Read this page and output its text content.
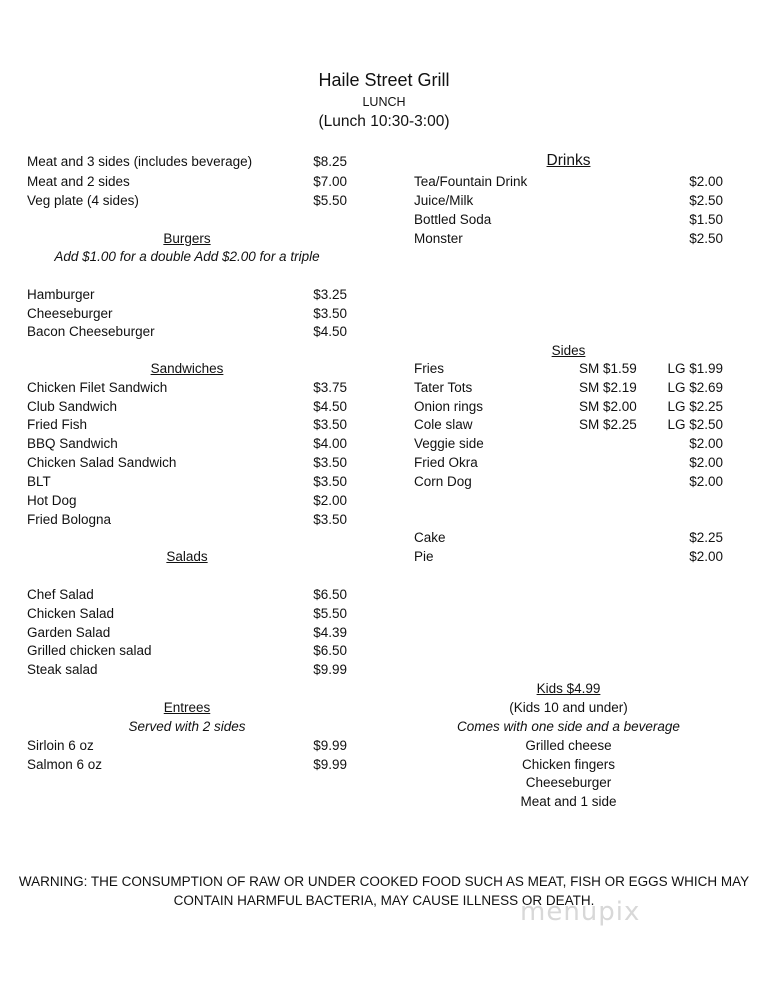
Haile Street Grill
LUNCH
(Lunch 10:30-3:00)
Meat and 3 sides (includes beverage)	$8.25
Meat and 2 sides	$7.00
Veg plate (4 sides)	$5.50
Burgers
Add $1.00 for a double Add $2.00 for a triple
Hamburger	$3.25
Cheeseburger	$3.50
Bacon Cheeseburger	$4.50
Sandwiches
Chicken Filet Sandwich	$3.75
Club Sandwich	$4.50
Fried Fish	$3.50
BBQ Sandwich	$4.00
Chicken Salad Sandwich	$3.50
BLT	$3.50
Hot Dog	$2.00
Fried Bologna	$3.50
Salads
Chef Salad	$6.50
Chicken Salad	$5.50
Garden Salad	$4.39
Grilled chicken salad	$6.50
Steak salad	$9.99
Entrees
Served with 2 sides
Sirloin 6 oz	$9.99
Salmon 6 oz	$9.99
Drinks
Tea/Fountain Drink	$2.00
Juice/Milk	$2.50
Bottled Soda	$1.50
Monster	$2.50
Sides
Fries	SM $1.59 LG $1.99
Tater Tots	SM $2.19 LG $2.69
Onion rings	SM $2.00 LG $2.25
Cole slaw	SM $2.25 LG $2.50
Veggie side	$2.00
Fried Okra	$2.00
Corn Dog	$2.00
Cake	$2.25
Pie	$2.00
Kids $4.99
(Kids 10 and under)
Comes with one side and a beverage
Grilled cheese
Chicken fingers
Cheeseburger
Meat and 1 side
WARNING: THE CONSUMPTION OF RAW OR UNDER COOKED FOOD SUCH AS MEAT, FISH OR EGGS WHICH MAY
CONTAIN HARMFUL BACTERIA, MAY CAUSE ILLNESS OR DEATH.
menupix
